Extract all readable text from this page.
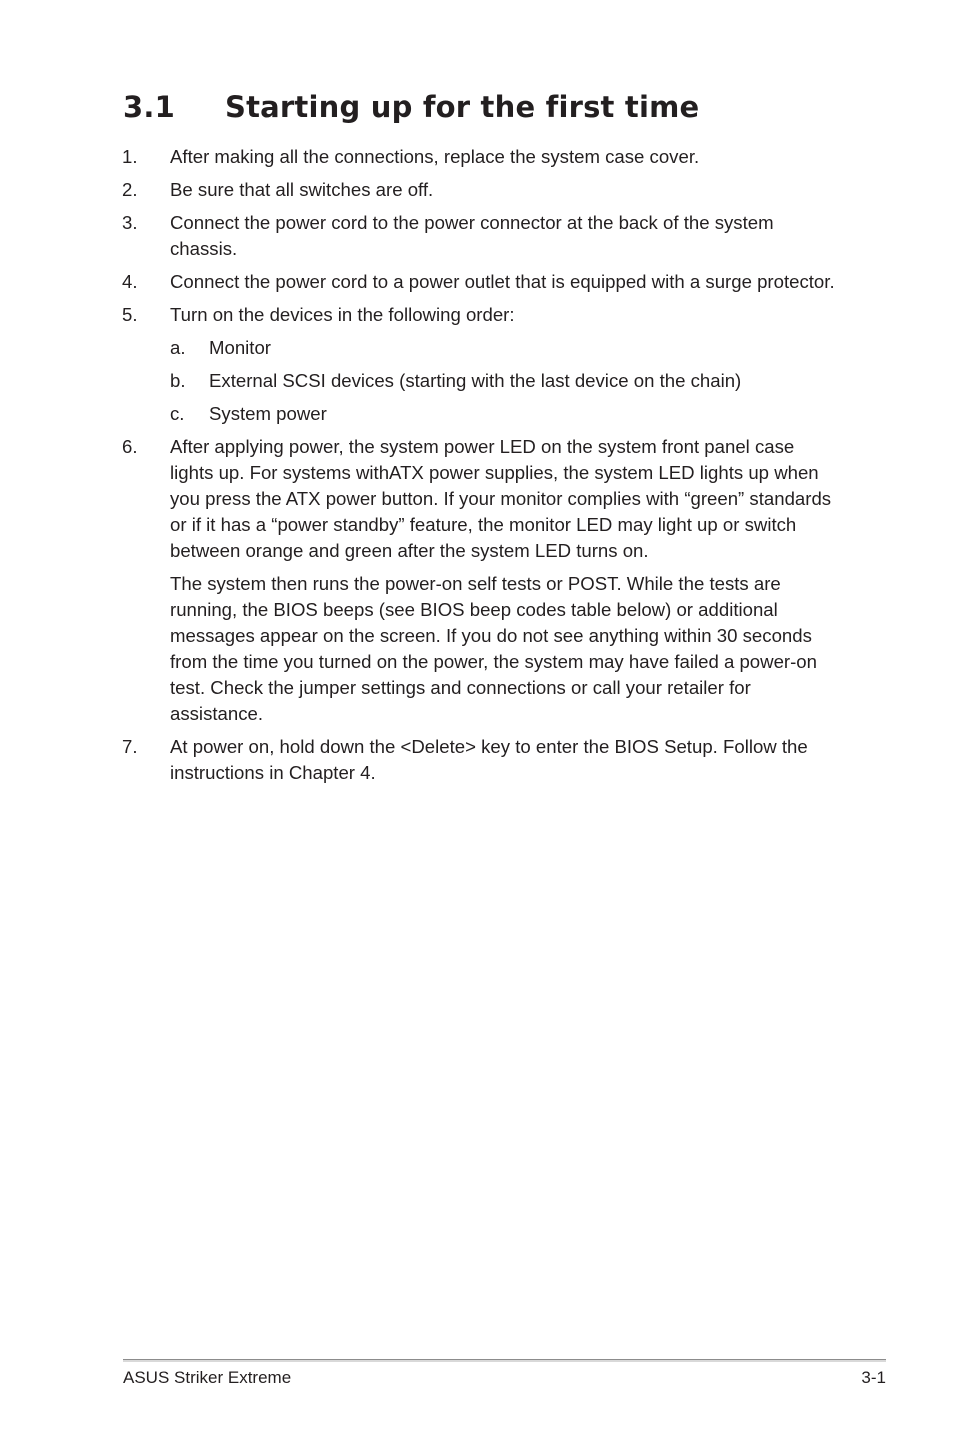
3.1 Starting up for the first time
1. After making all the connections, replace the system case cover.
2. Be sure that all switches are off.
3. Connect the power cord to the power connector at the back of the system chassis.
4. Connect the power cord to a power outlet that is equipped with a surge protector.
5. Turn on the devices in the following order:
a. Monitor
b. External SCSI devices (starting with the last device on the chain)
c. System power
6. After applying power, the system power LED on the system front panel case lights up. For systems withATX power supplies, the system LED lights up when you press the ATX power button. If your monitor complies with “green” standards or if it has a “power standby” feature, the monitor LED may light up or switch between orange and green after the system LED turns on.
The system then runs the power-on self tests or POST. While the tests are running, the BIOS beeps (see BIOS beep codes table below) or additional messages appear on the screen. If you do not see anything within 30 seconds from the time you turned on the power, the system may have failed a power-on test. Check the jumper settings and connections or call your retailer for assistance.
7. At power on, hold down the <Delete> key to enter the BIOS Setup. Follow the instructions in Chapter 4.
ASUS Striker Extreme	3-1
